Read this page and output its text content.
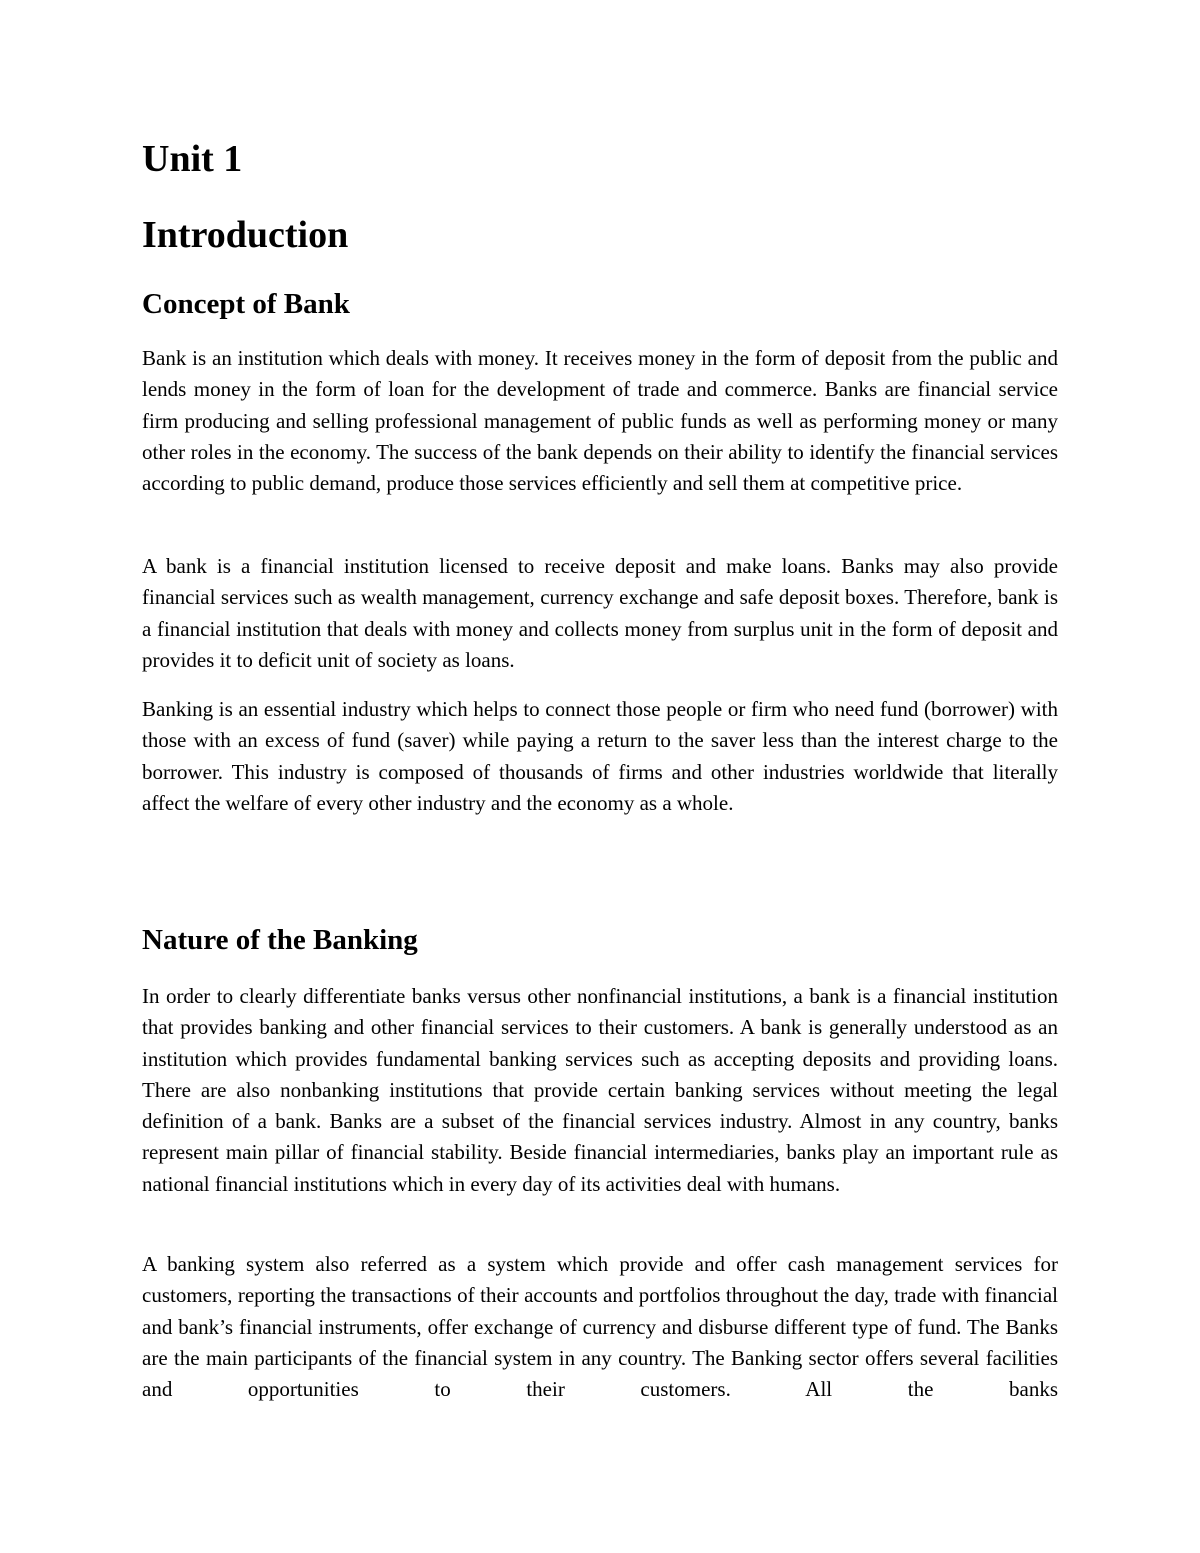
Unit 1
Introduction
Concept of Bank

Bank is an institution which deals with money. It receives money in the form of deposit from the public and lends money in the form of loan for the development of trade and commerce. Banks are financial service firm producing and selling professional management of public funds as well as performing money or many other roles in the economy. The success of the bank depends on their ability to identify the financial services according to public demand, produce those services efficiently and sell them at competitive price.

A bank is a financial institution licensed to receive deposit and make loans. Banks may also provide financial services such as wealth management, currency exchange and safe deposit boxes. Therefore, bank is a financial institution that deals with money and collects money from surplus unit in the form of deposit and provides it to deficit unit of society as loans.

Banking is an essential industry which helps to connect those people or firm who need fund (borrower) with those with an excess of fund (saver) while paying a return to the saver less than the interest charge to the borrower. This industry is composed of thousands of firms and other industries worldwide that literally affect the welfare of every other industry and the economy as a whole.

Nature of the Banking

In order to clearly differentiate banks versus other nonfinancial institutions, a bank is a financial institution that provides banking and other financial services to their customers. A bank is generally understood as an institution which provides fundamental banking services such as accepting deposits and providing loans. There are also nonbanking institutions that provide certain banking services without meeting the legal definition of a bank. Banks are a subset of the financial services industry. Almost in any country, banks represent main pillar of financial stability. Beside financial intermediaries, banks play an important rule as national financial institutions which in every day of its activities deal with humans.

A banking system also referred as a system which provide and offer cash management services for customers, reporting the transactions of their accounts and portfolios throughout the day, trade with financial and bank’s financial instruments, offer exchange of currency and disburse different type of fund. The Banks are the main participants of the financial system in any country. The Banking sector offers several facilities and opportunities to their customers. All the banks
